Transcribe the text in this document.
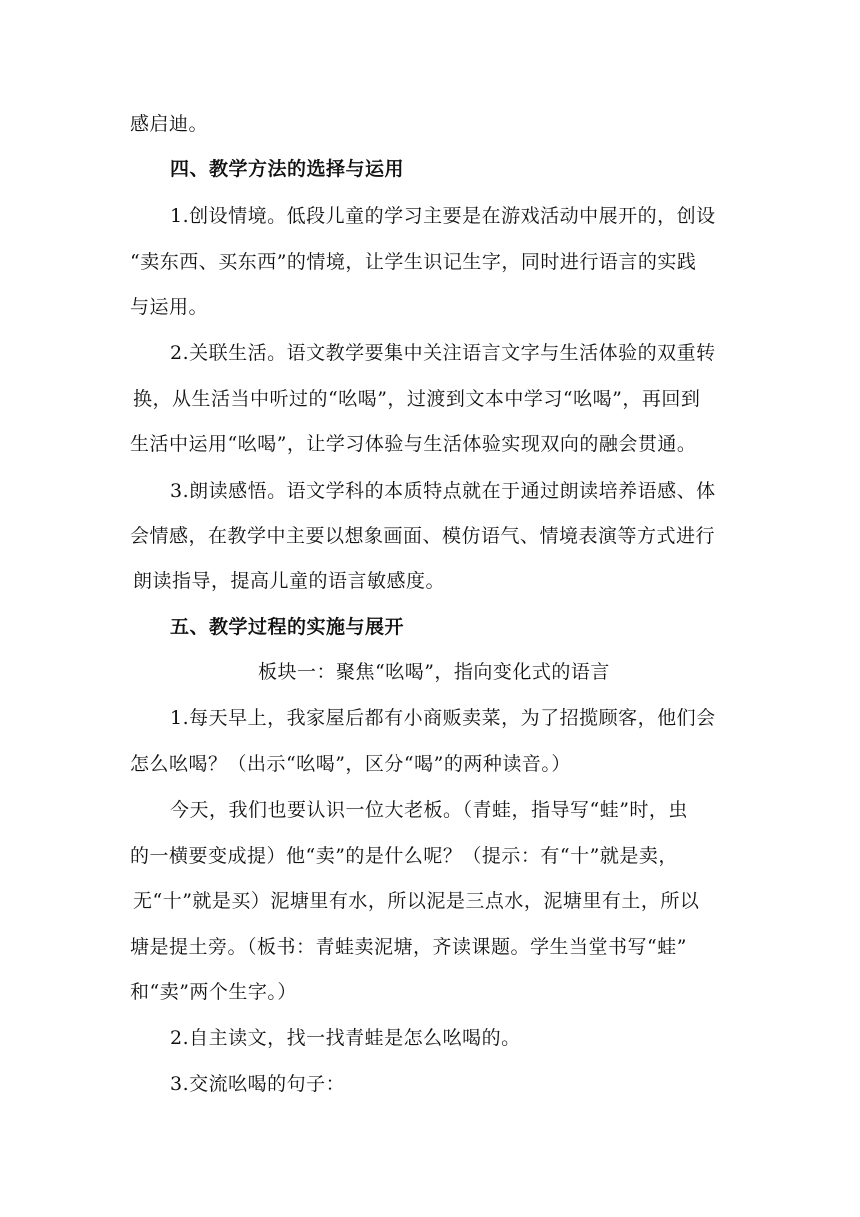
感启迪。
四、教学方法的选择与运用
1.创设情境。低段儿童的学习主要是在游戏活动中展开的，创设
“卖东西、买东西”的情境，让学生识记生字，同时进行语言的实践
与运用。
2.关联生活。语文教学要集中关注语言文字与生活体验的双重转
换，从生活当中听过的“吆喝”，过渡到文本中学习“吆喝”，再回到
生活中运用“吆喝”，让学习体验与生活体验实现双向的融会贯通。
3.朗读感悟。语文学科的本质特点就在于通过朗读培养语感、体
会情感，在教学中主要以想象画面、模仿语气、情境表演等方式进行
朗读指导，提高儿童的语言敏感度。
五、教学过程的实施与展开
板块一：聚焦“吆喝”，指向变化式的语言
1.每天早上，我家屋后都有小商贩卖菜，为了招揽顾客，他们会
怎么吆喝？（出示“吆喝”，区分“喝”的两种读音。）
今天，我们也要认识一位大老板。（青蛙，指导写“蛙”时，虫
的一横要变成提）他“卖”的是什么呢？（提示：有“十”就是卖，
无“十”就是买）泥塘里有水，所以泥是三点水，泥塘里有土，所以
塘是提土旁。（板书：青蛙卖泥塘，齐读课题。学生当堂书写“蛙”
和“卖”两个生字。）
2.自主读文，找一找青蛙是怎么吆喝的。
3.交流吆喝的句子：
